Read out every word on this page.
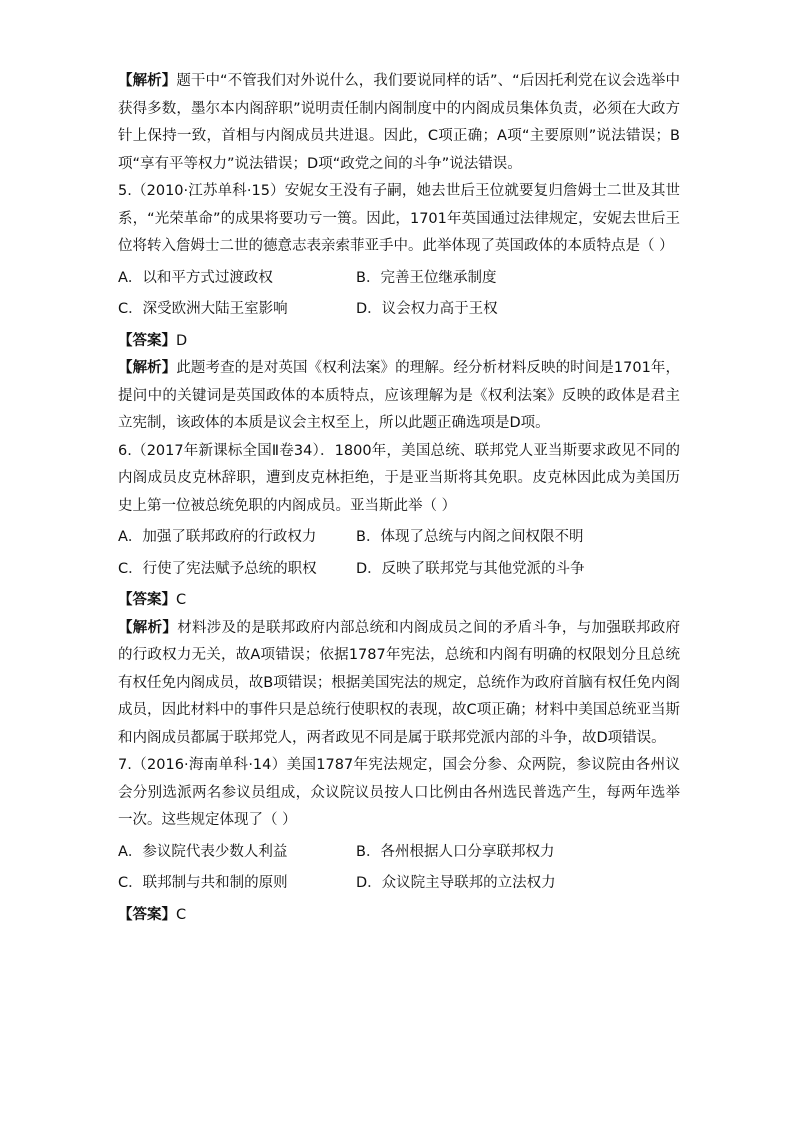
【解析】题干中“不管我们对外说什么，我们要说同样的话”、“后因托利党在议会选举中获得多数，墨尔本内阁辞职”说明责任制内阁制度中的内阁成员集体负责，必须在大政方针上保持一致，首相与内阁成员共进退。因此，C项正确；A项“主要原则”说法错误；B项“享有平等权力”说法错误；D项“政党之间的斗争”说法错误。

5.（2010·江苏单科·15）安妮女王没有子嗣，她去世后王位就要复归詹姆士二世及其世系，“光荣革命”的成果将要功亏一篑。因此，1701年英国通过法律规定，安妮去世后王位将转入詹姆士二世的德意志表亲索菲亚手中。此举体现了英国政体的本质特点是（ ）

A．以和平方式过渡政权	B．完善王位继承制度
C．深受欧洲大陆王室影响	D．议会权力高于王权

【答案】D

【解析】此题考查的是对英国《权利法案》的理解。经分析材料反映的时间是1701年，提问中的关键词是英国政体的本质特点，应该理解为是《权利法案》反映的政体是君主立宪制，该政体的本质是议会主权至上，所以此题正确选项是D项。

6.（2017年新课标全国Ⅱ卷34）．1800年，美国总统、联邦党人亚当斯要求政见不同的内阁成员皮克林辞职，遭到皮克林拒绝，于是亚当斯将其免职。皮克林因此成为美国历史上第一位被总统免职的内阁成员。亚当斯此举（ ）

A．加强了联邦政府的行政权力	B．体现了总统与内阁之间权限不明
C．行使了宪法赋予总统的职权	D．反映了联邦党与其他党派的斗争

【答案】C

【解析】材料涉及的是联邦政府内部总统和内阁成员之间的矛盾斗争，与加强联邦政府的行政权力无关，故A项错误；依据1787年宪法，总统和内阁有明确的权限划分且总统有权任免内阁成员，故B项错误；根据美国宪法的规定，总统作为政府首脑有权任免内阁成员，因此材料中的事件只是总统行使职权的表现，故C项正确；材料中美国总统亚当斯和内阁成员都属于联邦党人，两者政见不同是属于联邦党派内部的斗争，故D项错误。

7.（2016·海南单科·14）美国1787年宪法规定，国会分参、众两院，参议院由各州议会分别选派两名参议员组成，众议院议员按人口比例由各州选民普选产生，每两年选举一次。这些规定体现了（ ）

A．参议院代表少数人利益	B．各州根据人口分享联邦权力
C．联邦制与共和制的原则	D．众议院主导联邦的立法权力

【答案】C
